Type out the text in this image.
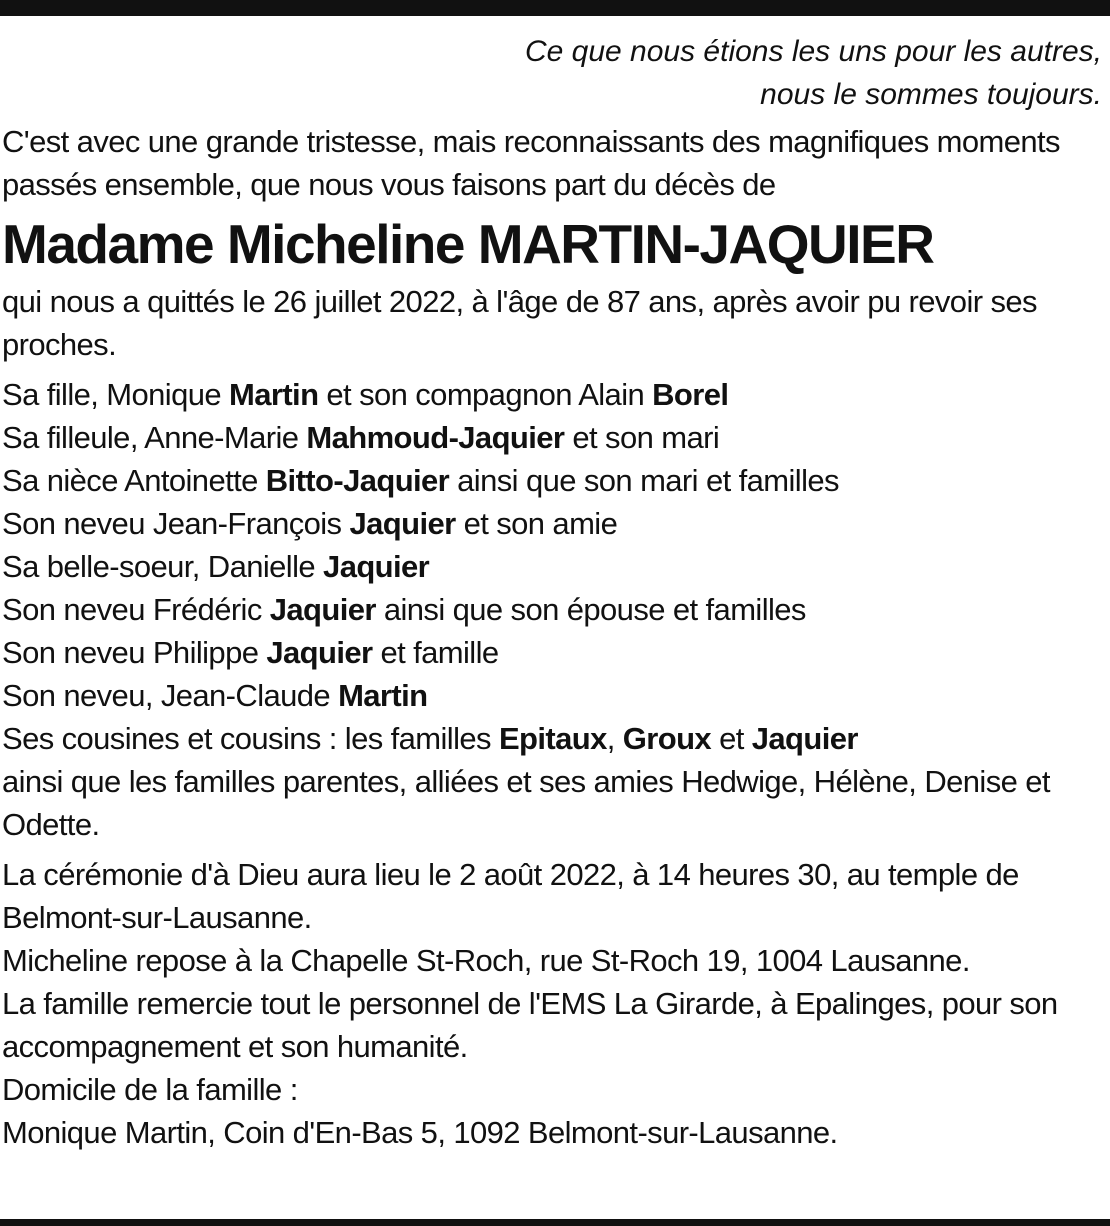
Ce que nous étions les uns pour les autres,
nous le sommes toujours.

C'est avec une grande tristesse, mais reconnaissants des magnifiques moments passés ensemble, que nous vous faisons part du décès de

Madame Micheline MARTIN-JAQUIER

qui nous a quittés le 26 juillet 2022, à l'âge de 87 ans, après avoir pu revoir ses proches.

Sa fille, Monique Martin et son compagnon Alain Borel
Sa filleule, Anne-Marie Mahmoud-Jaquier et son mari
Sa nièce Antoinette Bitto-Jaquier ainsi que son mari et familles
Son neveu Jean-François Jaquier et son amie
Sa belle-soeur, Danielle Jaquier
Son neveu Frédéric Jaquier ainsi que son épouse et familles
Son neveu Philippe Jaquier et famille
Son neveu, Jean-Claude Martin
Ses cousines et cousins : les familles Epitaux, Groux et Jaquier
ainsi que les familles parentes, alliées et ses amies Hedwige, Hélène, Denise et Odette.
La cérémonie d'à Dieu aura lieu le 2 août 2022, à 14 heures 30, au temple de Belmont-sur-Lausanne.
Micheline repose à la Chapelle St-Roch, rue St-Roch 19, 1004 Lausanne.
La famille remercie tout le personnel de l'EMS La Girarde, à Epalinges, pour son accompagnement et son humanité.
Domicile de la famille :
Monique Martin, Coin d'En-Bas 5, 1092 Belmont-sur-Lausanne.
